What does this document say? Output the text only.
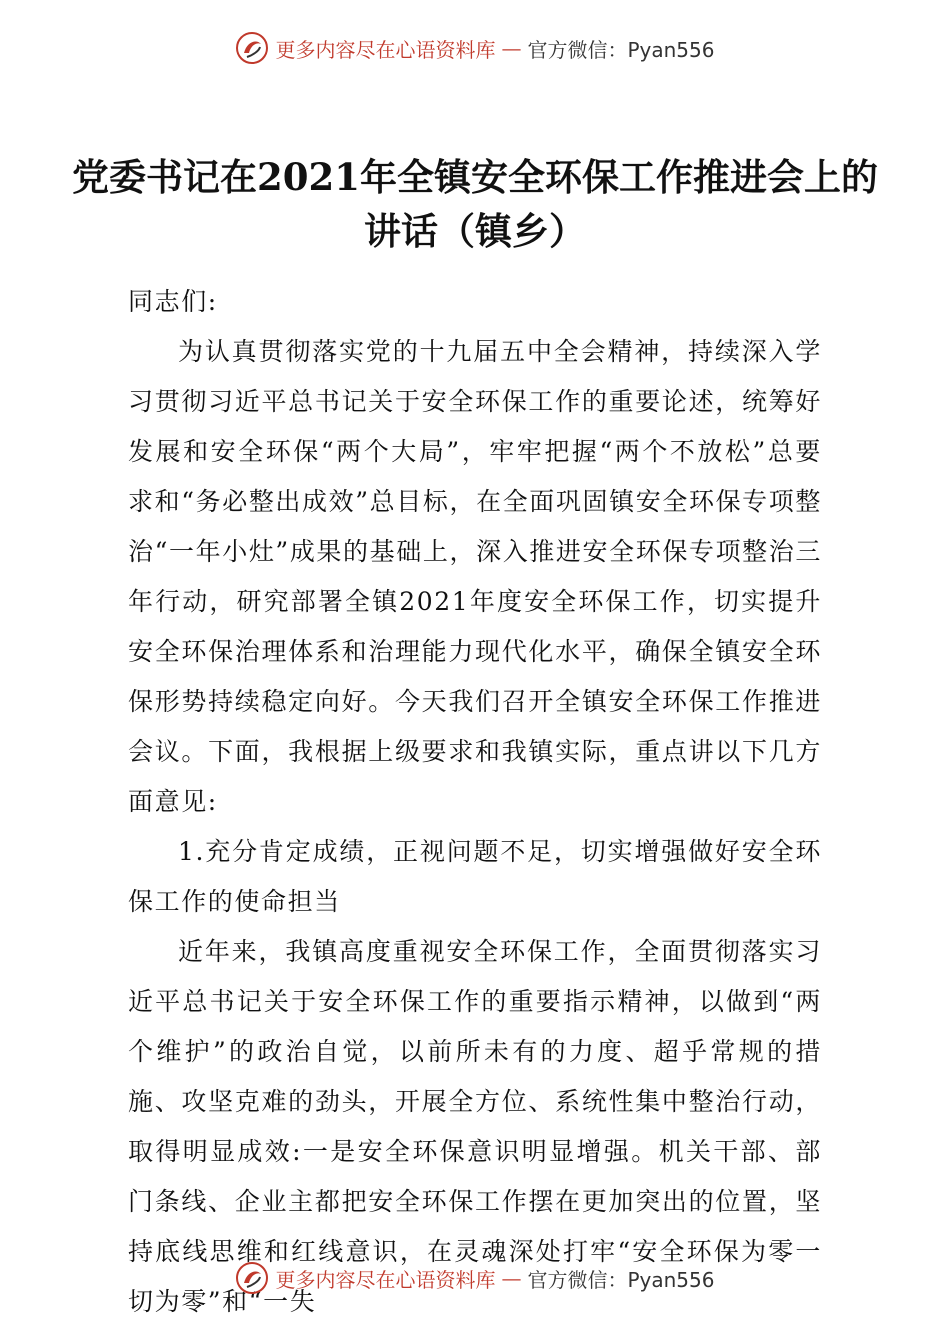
更多内容尽在心语资料库 — 官方微信：Pyan556
党委书记在2021年全镇安全环保工作推进会上的讲话（镇乡）

同志们:

为认真贯彻落实党的十九届五中全会精神，持续深入学习贯彻习近平总书记关于安全环保工作的重要论述，统筹好发展和安全环保“两个大局”，牢牢把握“两个不放松”总要求和“务必整出成效”总目标，在全面巩固镇安全环保专项整治“一年小灶”成果的基础上，深入推进安全环保专项整治三年行动，研究部署全镇2021年度安全环保工作，切实提升安全环保治理体系和治理能力现代化水平，确保全镇安全环保形势持续稳定向好。今天我们召开全镇安全环保工作推进会议。下面，我根据上级要求和我镇实际，重点讲以下几方面意见:

1.充分肯定成绩，正视问题不足，切实增强做好安全环保工作的使命担当

近年来，我镇高度重视安全环保工作，全面贯彻落实习近平总书记关于安全环保工作的重要指示精神，以做到“两个维护”的政治自觉，以前所未有的力度、超乎常规的措施、攻坚克难的劲头，开展全方位、系统性集中整治行动，取得明显成效:一是安全环保意识明显增强。机关干部、部门条线、企业主都把安全环保工作摆在更加突出的位置，坚持底线思维和红线意识，在灵魂深处打牢“安全环保为零一切为零”和“一失

更多内容尽在心语资料库 — 官方微信：Pyan556
